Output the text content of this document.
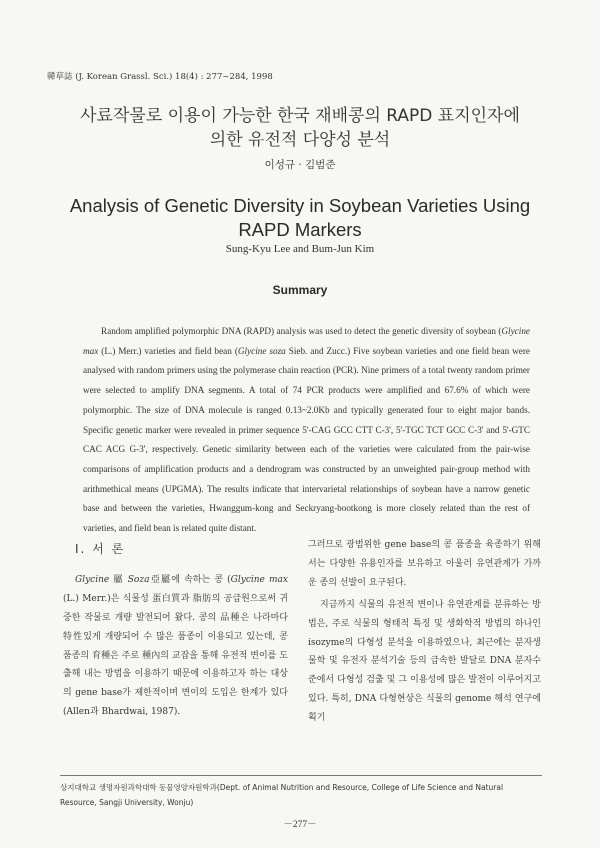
韓草誌 (J. Korean Grassl. Sci.) 18(4) : 277~284, 1998
사료작물로 이용이 가능한 한국 재배콩의 RAPD 표지인자에
의한 유전적 다양성 분석
이성규 · 김범준
Analysis of Genetic Diversity in Soybean Varieties Using
RAPD Markers
Sung-Kyu Lee and Bum-Jun Kim
Summary

Random amplified polymorphic DNA (RAPD) analysis was used to detect the genetic diversity of soybean (Glycine max (L.) Merr.) varieties and field bean (Glycine soza Sieb. and Zucc.) Five soybean varieties and one field bean were analysed with random primers using the polymerase chain reaction (PCR). Nine primers of a total twenty random primer were selected to amplify DNA segments. A total of 74 PCR products were amplified and 67.6% of which were polymorphic. The size of DNA molecule is ranged 0.13~2.0Kb and typically generated four to eight major bands. Specific genetic marker were revealed in primer sequence 5'-CAG GCC CTT C-3', 5'-TGC TCT GCC C-3' and 5'-GTC CAC ACG G-3', respectively. Genetic similarity between each of the varieties were calculated from the pair-wise comparisons of amplification products and a dendrogram was constructed by an unweighted pair-group method with arithmethical means (UPGMA). The results indicate that intervarietal relationships of soybean have a narrow genetic base and between the varieties, Hwanggum-kong and Seckryang-bootkong is more closely related than the rest of varieties, and field bean is related quite distant.

I. 서 론

Glycine 屬 Soza亞屬에 속하는 콩 (Glycine max (L.) Merr.)은 식물성 蛋白質과 脂肪의 공급원으로써 귀중한 작물로 개량 발전되어 왔다. 콩의 品種은 나라마다 特性있게 개량되어 수 많은 품종이 이용되고 있는데, 콩 품종의 育種은 주로 種內의 교잡을 통해 유전적 변이를 도출해 내는 방법을 이용하기 때문에 이용하고자 하는 대상의 gene base가 제한적이며 변이의 도입은 한계가 있다 (Allen과 Bhardwai, 1987).

그러므로 광범위한 gene base의 콩 품종을 육종하기 위해서는 다양한 유용인자를 보유하고 아울러 유연관계가 가까운 종의 선발이 요구된다.

지금까지 식물의 유전적 변이나 유연관계를 분류하는 방법은, 주로 식물의 형태적 특징 및 생화학적 방법의 하나인 isozyme의 다형성 분석을 이용하였으나, 최근에는 분자생물학 및 유전자 분석기술 등의 급속한 발달로 DNA 분자수준에서 다형성 검출 및 그 이용성에 많은 발전이 이루어지고 있다. 특히, DNA 다형현상은 식물의 genome 해석 연구에 획기

상지대학교 생명자원과학대학 동물영양자원학과(Dept. of Animal Nutrition and Resource, College of Life Science and Natural Resource, Sangji University, Wonju)
－277－
